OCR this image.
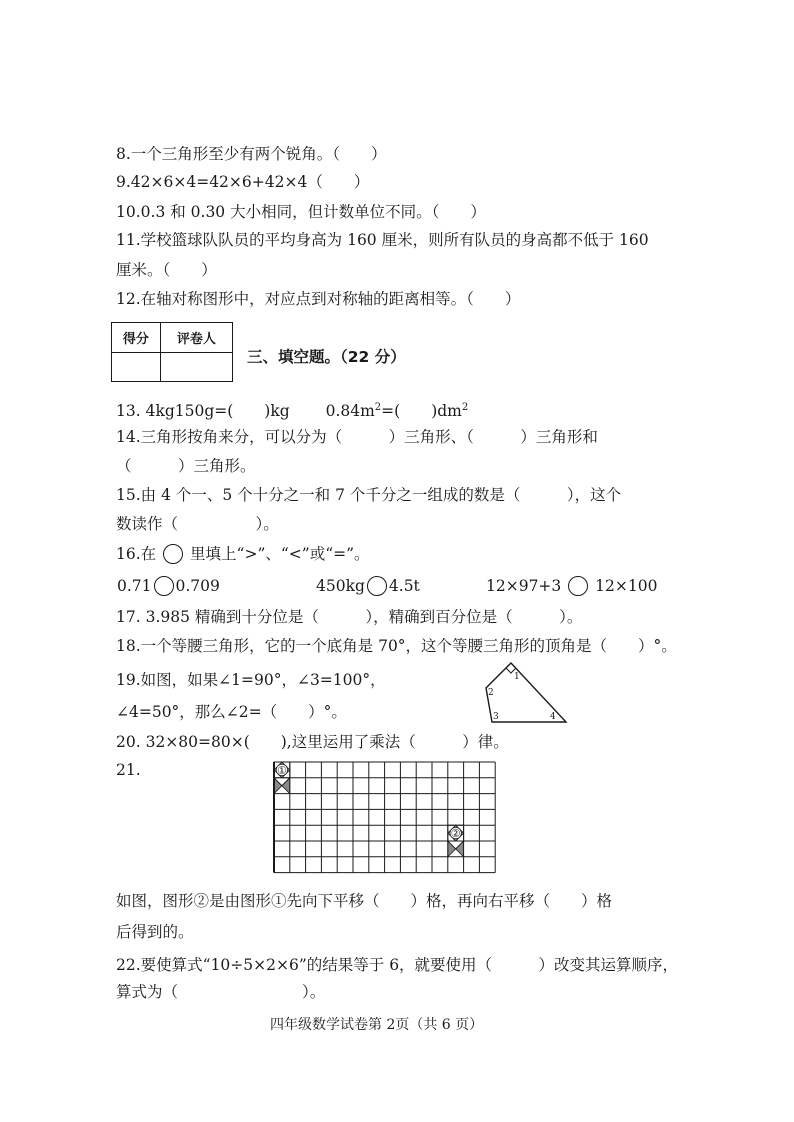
8.一个三角形至少有两个锐角。（　　）
9.42×6×4=42×6+42×4（　　）
10.0.3 和 0.30 大小相同，但计数单位不同。（　　）
11.学校篮球队队员的平均身高为 160 厘米，则所有队员的身高都不低于 160
厘米。（　　）
12.在轴对称图形中，对应点到对称轴的距离相等。（　　）
得分	评卷人

三、填空题。（22 分）
13. 4kg150g=(　　)kg　　 $0.84m^2=$(　　)$dm^2$
14.三角形按角来分，可以分为（　　　）三角形、（　　　）三角形和
（　　　）三角形。
15.由 4 个一、5 个十分之一和 7 个千分之一组成的数是（　　　），这个
数读作（　　　　　）。
16.在 里填上“>”、“<”或“=”。
0.71 0.709	450kg 4.5t	12×97+3 12×100
17. 3.985 精确到十分位是（　　　），精确到百分位是（　　　）。
18.一个等腰三角形，它的一个底角是 70°，这个等腰三角形的顶角是（　　）°。
19.如图，如果∠1=90°，∠3=100°，
∠4=50°，那么∠2=（　　）°。
1
2
3	4
20. 32×80=80×(　　),这里运用了乘法（　　　）律。
21.	①
②
如图，图形②是由图形①先向下平移（　　）格，再向右平移（　　）格
后得到的。
22.要使算式“10÷5×2×6”的结果等于 6，就要使用（　　　）改变其运算顺序，
算式为（　　　　　　　　）。
四年级数学试卷第 2页（共 6 页）
